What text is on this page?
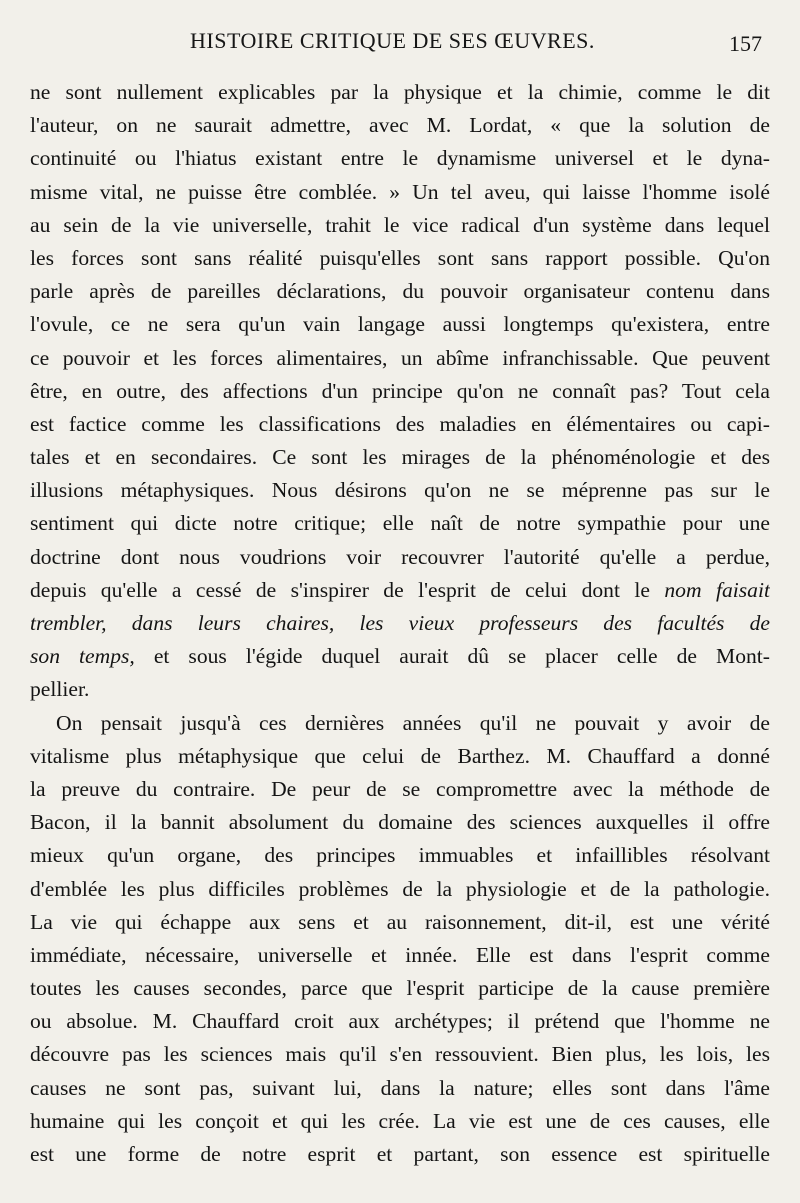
HISTOIRE CRITIQUE DE SES ŒUVRES.	157
ne sont nullement explicables par la physique et la chimie, comme le dit
l'auteur, on ne saurait admettre, avec M. Lordat, « que la solution de
continuité ou l'hiatus existant entre le dynamisme universel et le dyna-
misme vital, ne puisse être comblée. » Un tel aveu, qui laisse l'homme isolé
au sein de la vie universelle, trahit le vice radical d'un système dans lequel
les forces sont sans réalité puisqu'elles sont sans rapport possible. Qu'on
parle après de pareilles déclarations, du pouvoir organisateur contenu dans
l'ovule, ce ne sera qu'un vain langage aussi longtemps qu'existera, entre
ce pouvoir et les forces alimentaires, un abîme infranchissable. Que peuvent
être, en outre, des affections d'un principe qu'on ne connaît pas? Tout cela
est factice comme les classifications des maladies en élémentaires ou capi-
tales et en secondaires. Ce sont les mirages de la phénoménologie et des
illusions métaphysiques. Nous désirons qu'on ne se méprenne pas sur le
sentiment qui dicte notre critique; elle naît de notre sympathie pour une
doctrine dont nous voudrions voir recouvrer l'autorité qu'elle a perdue,
depuis qu'elle a cessé de s'inspirer de l'esprit de celui dont le nom faisait
trembler, dans leurs chaires, les vieux professeurs des facultés de
son temps, et sous l'égide duquel aurait dû se placer celle de Mont-
pellier.
On pensait jusqu'à ces dernières années qu'il ne pouvait y avoir de
vitalisme plus métaphysique que celui de Barthez. M. Chauffard a donné
la preuve du contraire. De peur de se compromettre avec la méthode de
Bacon, il la bannit absolument du domaine des sciences auxquelles il offre
mieux qu'un organe, des principes immuables et infaillibles résolvant
d'emblée les plus difficiles problèmes de la physiologie et de la pathologie.
La vie qui échappe aux sens et au raisonnement, dit-il, est une vérité
immédiate, nécessaire, universelle et innée. Elle est dans l'esprit comme
toutes les causes secondes, parce que l'esprit participe de la cause première
ou absolue. M. Chauffard croit aux archétypes; il prétend que l'homme ne
découvre pas les sciences mais qu'il s'en ressouvient. Bien plus, les lois, les
causes ne sont pas, suivant lui, dans la nature; elles sont dans l'âme
humaine qui les conçoit et qui les crée. La vie est une de ces causes, elle
est une forme de notre esprit et partant, son essence est spirituelle
